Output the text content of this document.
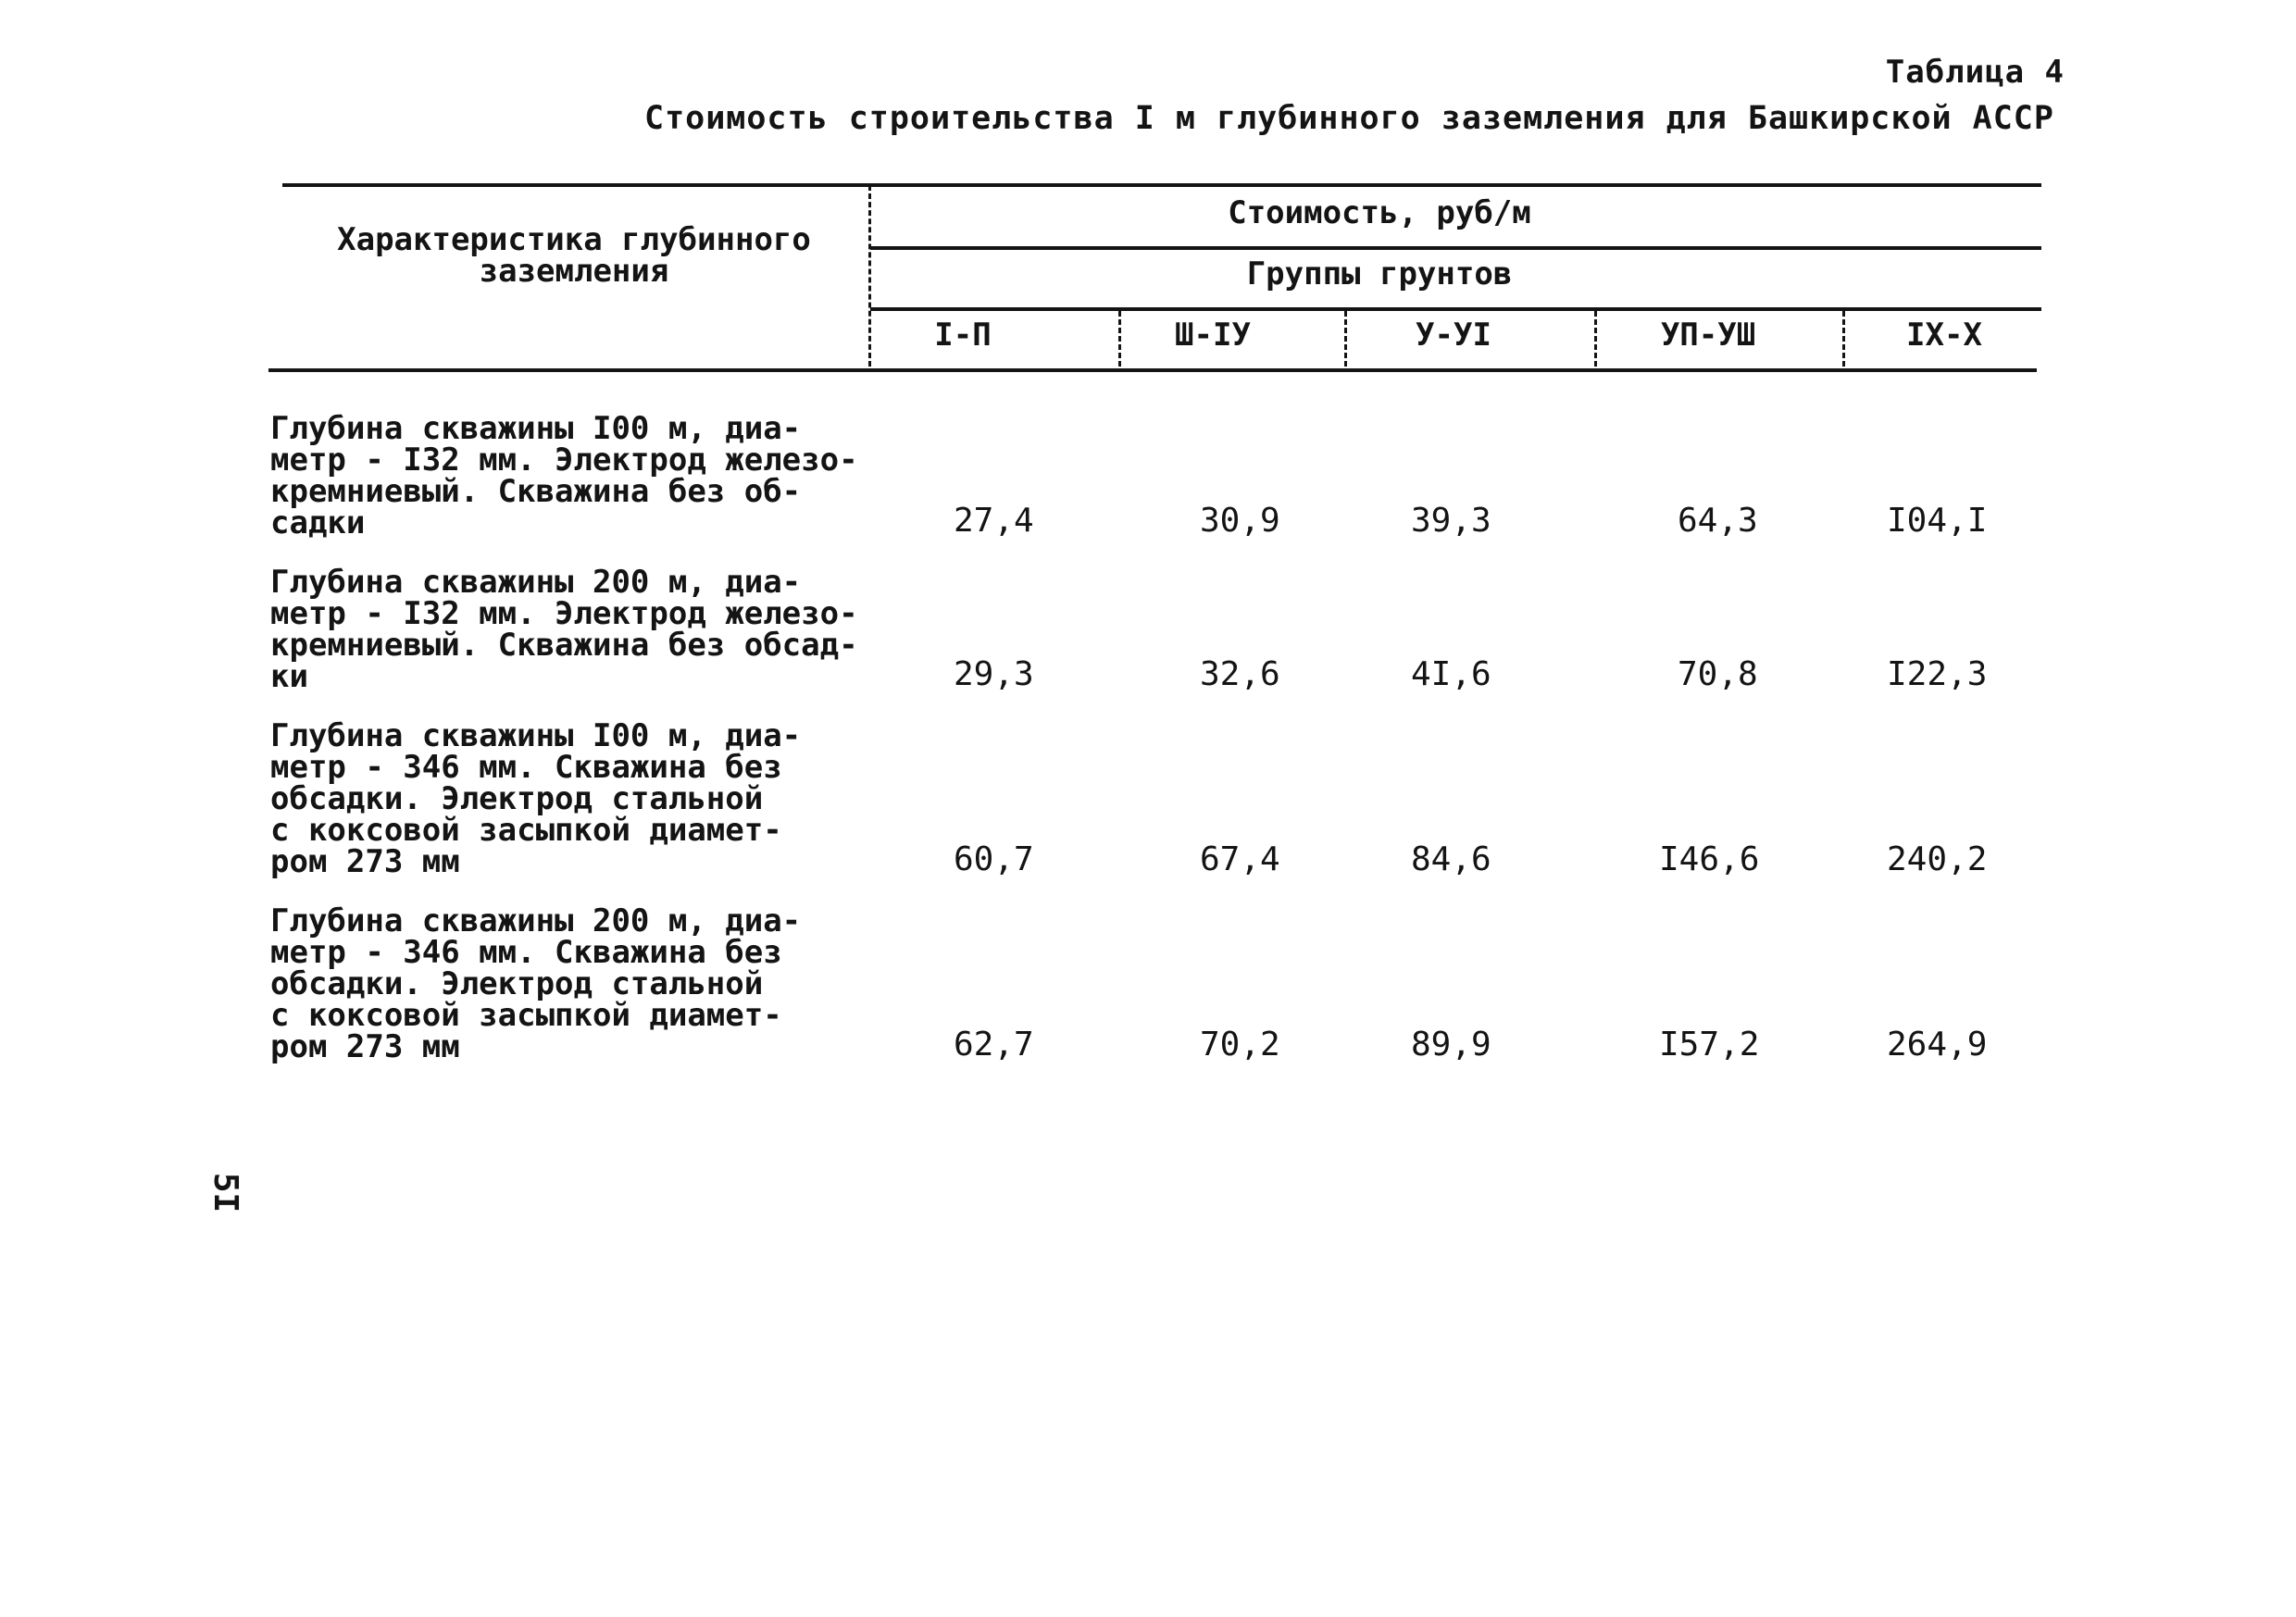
Таблица 4
Стоимость строительства I м глубинного заземления для Башкирской АССР
Характеристика глубинного
заземления
Стоимость, руб/м
Группы грунтов
I-П	Ш-IУ	У-УI	УП-УШ	IX-X
Глубина скважины I00 м, диа-
метр - I32 мм. Электрод железо-
кремниевый. Скважина без об-
садки	27,4	30,9	39,3	64,3	I04,I
Глубина скважины 200 м, диа-
метр - I32 мм. Электрод железо-
кремниевый. Скважина без обсад-
ки	29,3	32,6	4I,6	70,8	I22,3
Глубина скважины I00 м, диа-
метр - 346 мм. Скважина без
обсадки. Электрод стальной
с коксовой засыпкой диамет-
ром 273 мм	60,7	67,4	84,6	I46,6	240,2
Глубина скважины 200 м, диа-
метр - 346 мм. Скважина без
обсадки. Электрод стальной
с коксовой засыпкой диамет-
ром 273 мм	62,7	70,2	89,9	I57,2	264,9
5I
